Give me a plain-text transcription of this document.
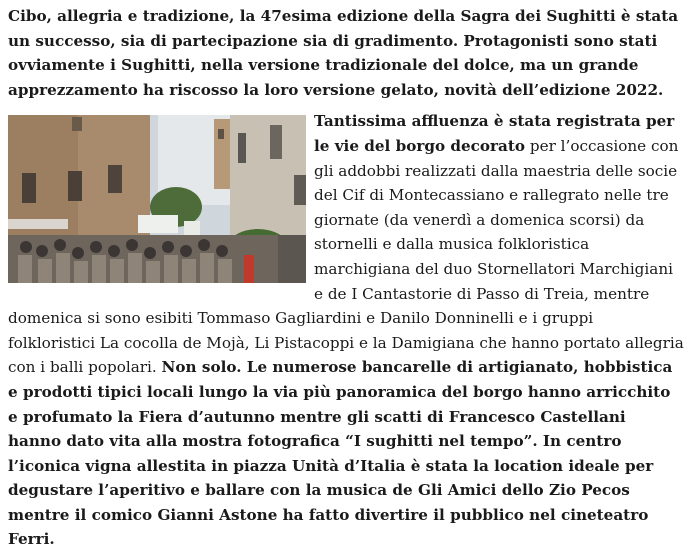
Cibo, allegria e tradizione, la 47esima edizione della Sagra dei Sughitti è stata un successo, sia di partecipazione sia di gradimento. Protagonisti sono stati ovviamente i Sughitti, nella versione tradizionale del dolce, ma un grande apprezzamento ha riscosso la loro versione gelato, novità dell’edizione 2022.

Tantissima affluenza è stata registrata per le vie del borgo decorato per l’occasione con gli addobbi realizzati dalla maestria delle socie del Cif di Montecassiano e rallegrato nelle tre giornate (da venerdì a domenica scorsi) da stornelli e dalla musica folkloristica marchigiana del duo Stornellatori Marchigiani e de I Cantastorie di Passo di Treia, mentre domenica si sono esibiti Tommaso Gagliardini e Danilo Donninelli e i gruppi folkloristici La cocolla de Mojà, Li Pistacoppi e la Damigiana che hanno portato allegria con i balli popolari. Non solo. Le numerose bancarelle di artigianato, hobbistica e prodotti tipici locali lungo la via più panoramica del borgo hanno arricchito e profumato la Fiera d’autunno mentre gli scatti di Francesco Castellani hanno dato vita alla mostra fotografica “I sughitti nel tempo”. In centro l’iconica vigna allestita in piazza Unità d’Italia è stata la location ideale per degustare l’aperitivo e ballare con la musica de Gli Amici dello Zio Pecos mentre il comico Gianni Astone ha fatto divertire il pubblico nel cineteatro Ferri.
